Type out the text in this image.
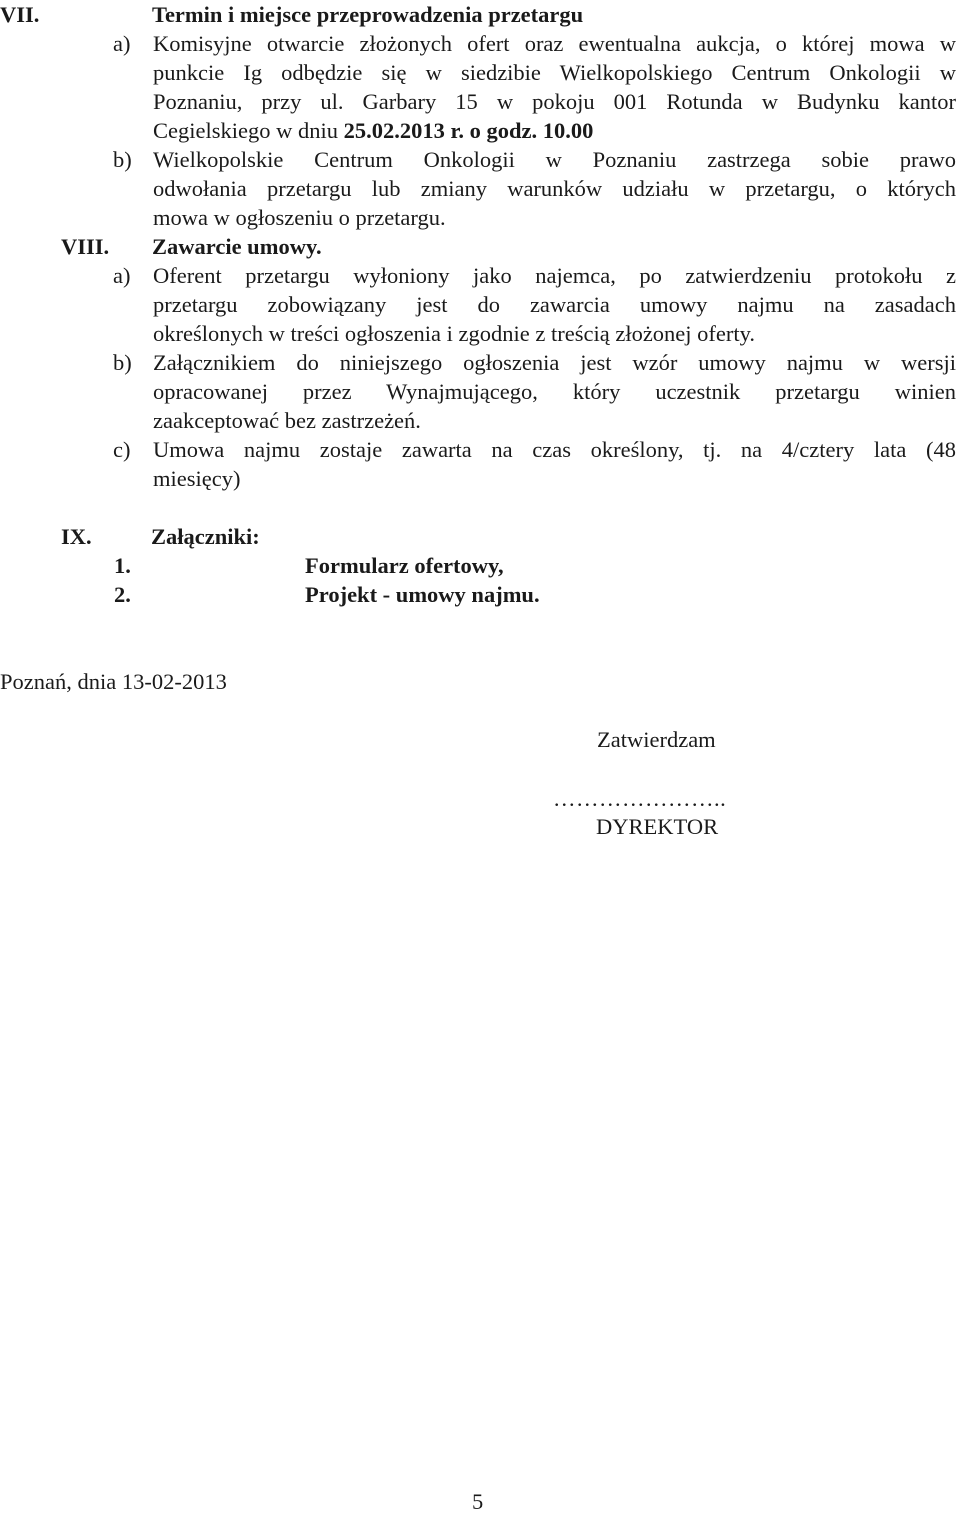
VII.	Termin i miejsce przeprowadzenia przetargu
a) Komisyjne otwarcie złożonych ofert oraz ewentualna aukcja, o której mowa w
punkcie Ig odbędzie się w siedzibie Wielkopolskiego Centrum Onkologii w
Poznaniu, przy ul. Garbary 15 w pokoju 001 Rotunda w Budynku kantor
Cegielskiego w dniu 25.02.2013 r. o godz. 10.00
b) Wielkopolskie Centrum Onkologii w Poznaniu zastrzega sobie prawo
odwołania przetargu lub zmiany warunków udziału w przetargu, o których
mowa w ogłoszeniu o przetargu.
VIII. Zawarcie umowy.
a) Oferent przetargu wyłoniony jako najemca, po zatwierdzeniu protokołu z
przetargu zobowiązany jest do zawarcia umowy najmu na zasadach
określonych w treści ogłoszenia i zgodnie z treścią złożonej oferty.
b) Załącznikiem do niniejszego ogłoszenia jest wzór umowy najmu w wersji
opracowanej przez Wynajmującego, który uczestnik przetargu winien
zaakceptować bez zastrzeżeń.
c) Umowa najmu zostaje zawarta na czas określony, tj. na 4/cztery lata (48
miesięcy)
IX.	Załączniki:
1.	Formularz ofertowy,
2.	Projekt - umowy najmu.
Poznań, dnia 13-02-2013
Zatwierdzam
…………………..
DYREKTOR
5
